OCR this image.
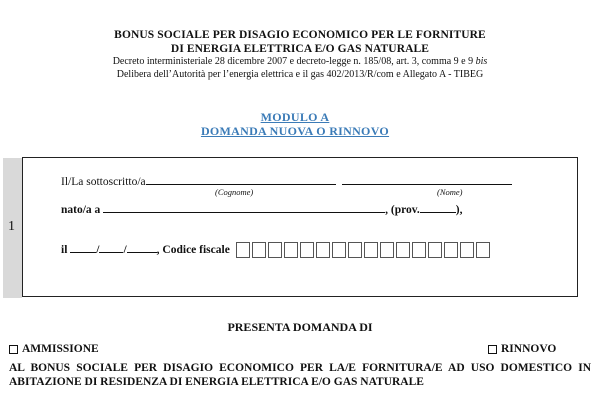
BONUS SOCIALE PER DISAGIO ECONOMICO PER LE FORNITURE
DI ENERGIA ELETTRICA E/O GAS NATURALE
Decreto interministeriale 28 dicembre 2007 e decreto-legge n. 185/08, art. 3, comma 9 e 9 bis
Delibera dell’Autorità per l’energia elettrica e il gas 402/2013/R/com e Allegato A - TIBEG
MODULO A
DOMANDA NUOVA O RINNOVO
1
Il/La sottoscritto/a
(Cognome)	(Nome)
nato/a a	, (prov.	),
il	/ /	, Codice fiscale
PRESENTA DOMANDA DI
AMMISSIONE	RINNOVO
AL BONUS SOCIALE PER DISAGIO ECONOMICO PER LA/E FORNITURA/E AD USO DOMESTICO IN ABITAZIONE DI RESIDENZA DI ENERGIA ELETTRICA E/O GAS NATURALE
